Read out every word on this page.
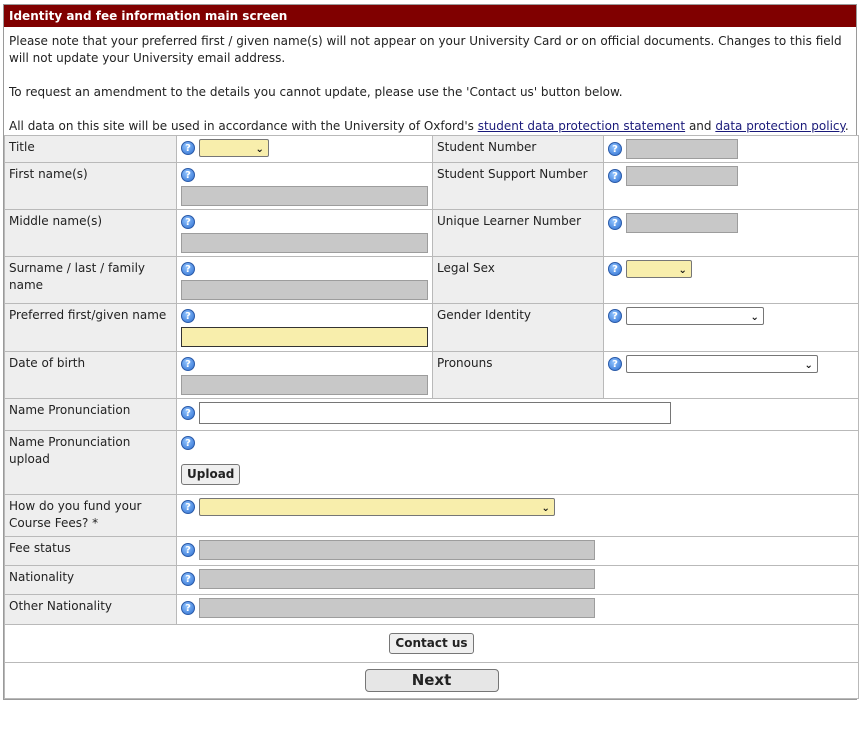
Identity and fee information main screen

Please note that your preferred first / given name(s) will not appear on your University Card or on official documents. Changes to this field will not update your University email address.

To request an amendment to the details you cannot update, please use the 'Contact us' button below.

All data on this site will be used in accordance with the University of Oxford's student data protection statement and data protection policy.

Title	? ⌄	Student Number	?
First name(s)	?	Student Support Number	?
Middle name(s)	?	Unique Learner Number	?
Surname / last / family name	?	Legal Sex	? ⌄

Preferred first/given name	?	Gender Identity	? ⌄

Date of birth	?	Pronouns	? ⌄

Name Pronunciation	?		
Name Pronunciation upload	?
Upload		

How do you fund your Course Fees? *	? ⌄		

Fee status	?		
Nationality	?		
Other Nationality	?		
Contact us			
Next			
